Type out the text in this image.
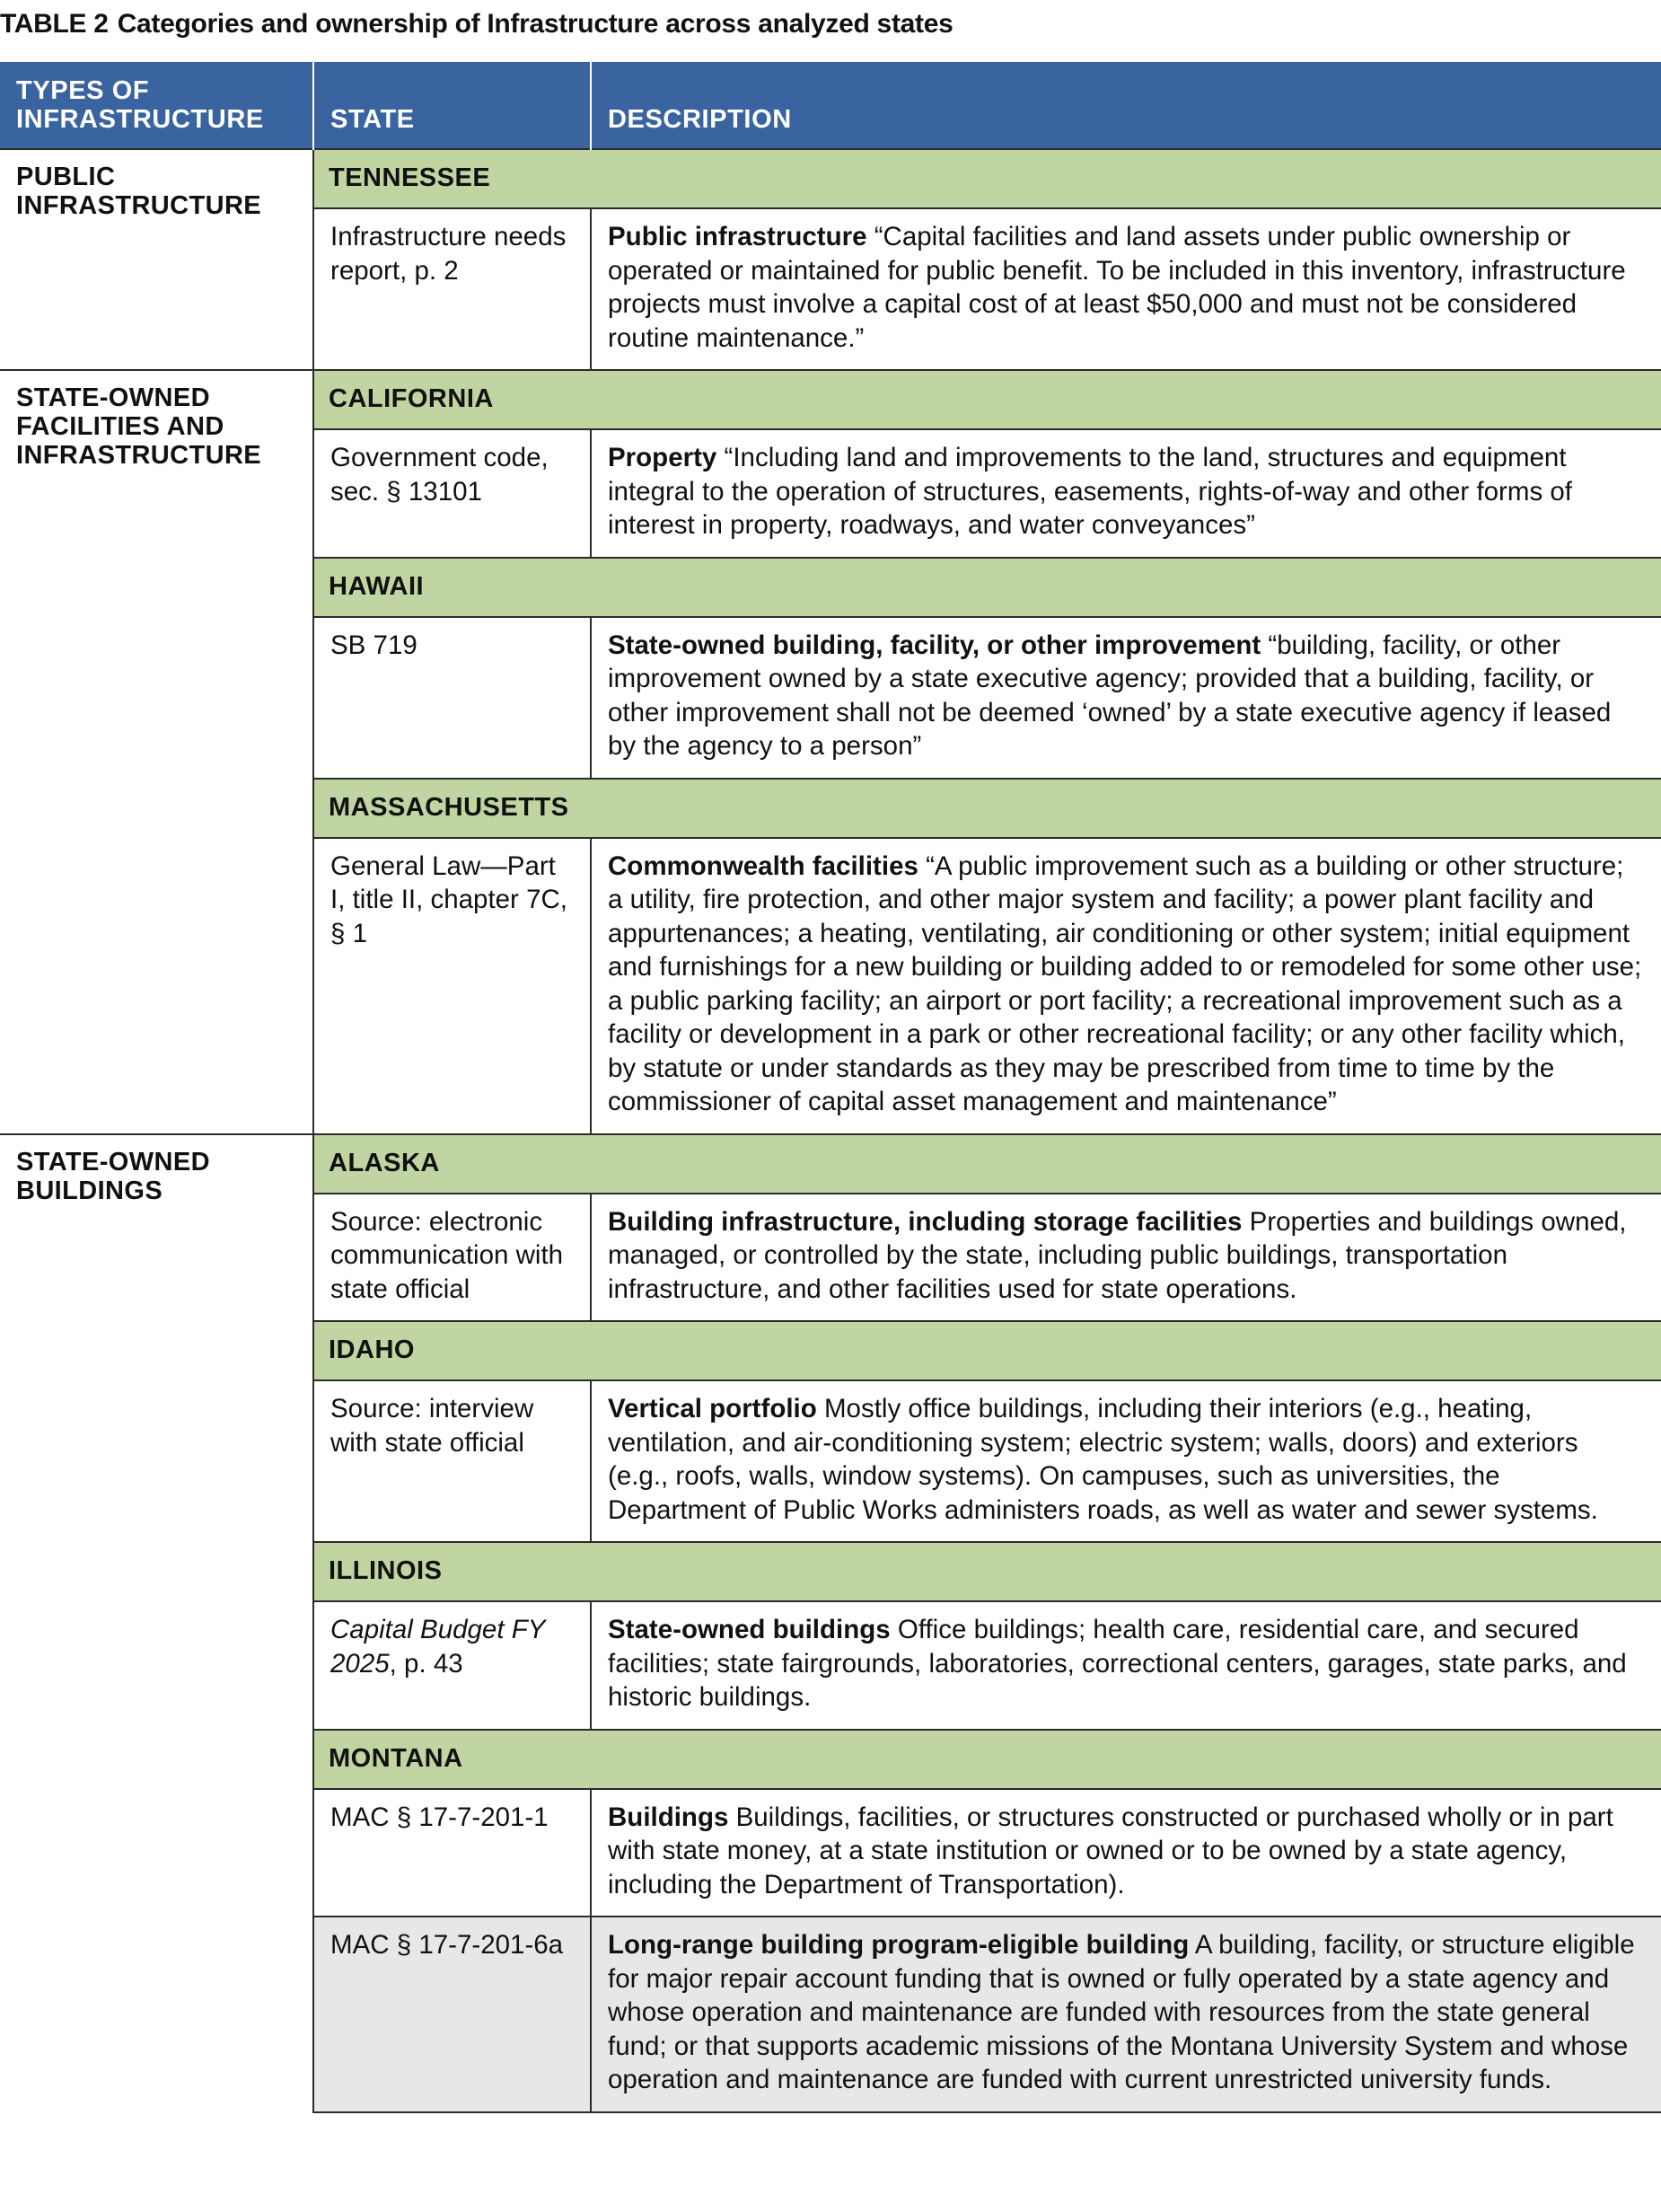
TABLE 2 Categories and ownership of Infrastructure across analyzed states
TYPES OF INFRASTRUCTURE	STATE	DESCRIPTION
PUBLIC INFRASTRUCTURE	TENNESSEE	
	Infrastructure needs report, p. 2	Public infrastructure “Capital facilities and land assets under public ownership or operated or maintained for public benefit. To be included in this inventory, infrastructure projects must involve a capital cost of at least $50,000 and must not be considered routine maintenance.”
STATE-OWNED FACILITIES AND INFRASTRUCTURE	CALIFORNIA	
	Government code, sec. § 13101	Property “Including land and improvements to the land, structures and equipment integral to the operation of structures, easements, rights-of-way and other forms of interest in property, roadways, and water conveyances”
	HAWAII	
	SB 719	State-owned building, facility, or other improvement “building, facility, or other improvement owned by a state executive agency; provided that a building, facility, or other improvement shall not be deemed ‘owned’ by a state executive agency if leased by the agency to a person”
	MASSACHUSETTS	
	General Law—Part I, title II, chapter 7C, § 1	Commonwealth facilities “A public improvement such as a building or other structure; a utility, fire protection, and other major system and facility; a power plant facility and appurtenances; a heating, ventilating, air conditioning or other system; initial equipment and furnishings for a new building or building added to or remodeled for some other use; a public parking facility; an airport or port facility; a recreational improvement such as a facility or development in a park or other recreational facility; or any other facility which, by statute or under standards as they may be prescribed from time to time by the commissioner of capital asset management and maintenance”
STATE-OWNED BUILDINGS	ALASKA	
	Source: electronic communication with state official	Building infrastructure, including storage facilities Properties and buildings owned, managed, or controlled by the state, including public buildings, transportation infrastructure, and other facilities used for state operations.
	IDAHO	
	Source: interview with state official	Vertical portfolio Mostly office buildings, including their interiors (e.g., heating, ventilation, and air-conditioning system; electric system; walls, doors) and exteriors (e.g., roofs, walls, window systems). On campuses, such as universities, the Department of Public Works administers roads, as well as water and sewer systems.
	ILLINOIS	
	Capital Budget FY 2025, p. 43	State-owned buildings Office buildings; health care, residential care, and secured facilities; state fairgrounds, laboratories, correctional centers, garages, state parks, and historic buildings.
	MONTANA	
	MAC § 17-7-201-1	Buildings Buildings, facilities, or structures constructed or purchased wholly or in part with state money, at a state institution or owned or to be owned by a state agency, including the Department of Transportation).
	MAC § 17-7-201-6a	Long-range building program-eligible building A building, facility, or structure eligible for major repair account funding that is owned or fully operated by a state agency and whose operation and maintenance are funded with resources from the state general fund; or that supports academic missions of the Montana University System and whose operation and maintenance are funded with current unrestricted university funds.
